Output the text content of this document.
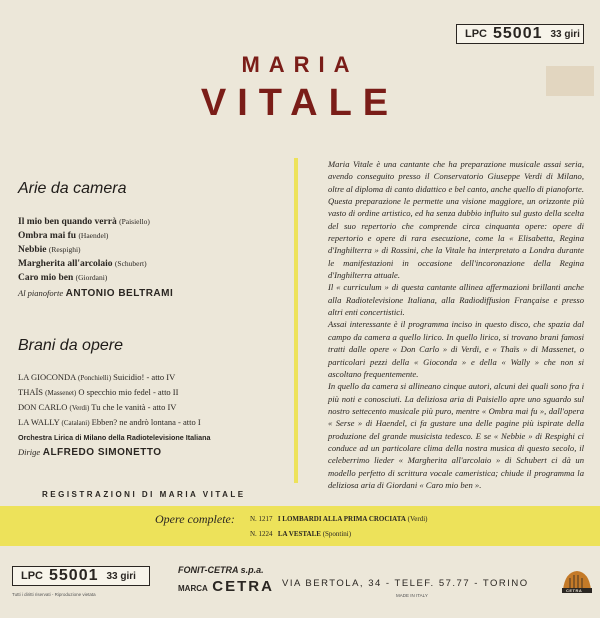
LPC 55001 33 giri
MARIA
VITALE
Arie da camera
Il mio ben quando verrà (Paisiello)
Ombra mai fu (Haendel)
Nebbie (Respighi)
Margherita all'arcolaio (Schubert)
Caro mio ben (Giordani)
Al pianoforte ANTONIO BELTRAMI
Brani da opere
LA GIOCONDA (Ponchielli) Suicidio! - atto IV
THAÏS (Massenet) O specchio mio fedel - atto II
DON CARLO (Verdi) Tu che le vanità - atto IV
LA WALLY (Catalani) Ebben? ne andrò lontana - atto I
Orchestra Lirica di Milano della Radiotelevisione Italiana
Dirige ALFREDO SIMONETTO

Maria Vitale è una cantante che ha preparazione musicale assai seria, avendo conseguito presso il Conservatorio Giuseppe Verdi di Milano, oltre al diploma di canto didattico e bel canto, anche quello di pianoforte. Questa preparazione le permette una visione maggiore, un orizzonte più vasto di ordine artistico, ed ha senza dubbio influito sul gusto della scelta del suo repertorio che comprende circa cinquanta opere: opere di repertorio e opere di rara esecuzione, come la « Elisabetta, Regina d'Inghilterra » di Rossini, che la Vitale ha interpretato a Londra durante le manifestazioni in occasione dell'incoronazione della Regina d'Inghilterra attuale.

Il « curriculum » di questa cantante allinea affermazioni brillanti anche alla Radiotelevisione Italiana, alla Radiodiffusion Française e presso altri enti concertistici.

Assai interessante è il programma inciso in questo disco, che spazia dal campo da camera a quello lirico. In quello lirico, si trovano brani famosi tratti dalle opere « Don Carlo » di Verdi, e « Thaïs » di Massenet, o particolari pezzi della « Gioconda » e della « Wally » che non si ascoltano frequentemente.

In quello da camera si allineano cinque autori, alcuni dei quali sono fra i più noti e conosciuti. La deliziosa aria di Paisiello apre uno sguardo sul nostro settecento musicale più puro, mentre « Ombra mai fu », dall'opera « Serse » di Haendel, ci fa gustare una delle pagine più ispirate della produzione del grande musicista tedesco. E se « Nebbie » di Respighi ci conduce ad un particolare clima della nostra musica di questo secolo, il celeberrimo lieder « Margherita all'arcolaio » di Schubert ci dà un modello perfetto di scrittura vocale cameristica; chiude il programma la deliziosa aria di Giordani « Caro mio ben ».

REGISTRAZIONI DI MARIA VITALE
Opere complete: N. 1217 I LOMBARDI ALLA PRIMA CROCIATA (Verdi)
N. 1224 LA VESTALE (Spontini)
LPC 55001 33 giri
Tutti i diritti riservati - Riproduzione vietata
FONIT-CETRA s.p.a.
MARCA CETRA VIA BERTOLA, 34 - TELEF. 57.77 - TORINO
MADE IN ITALY
CETRA
